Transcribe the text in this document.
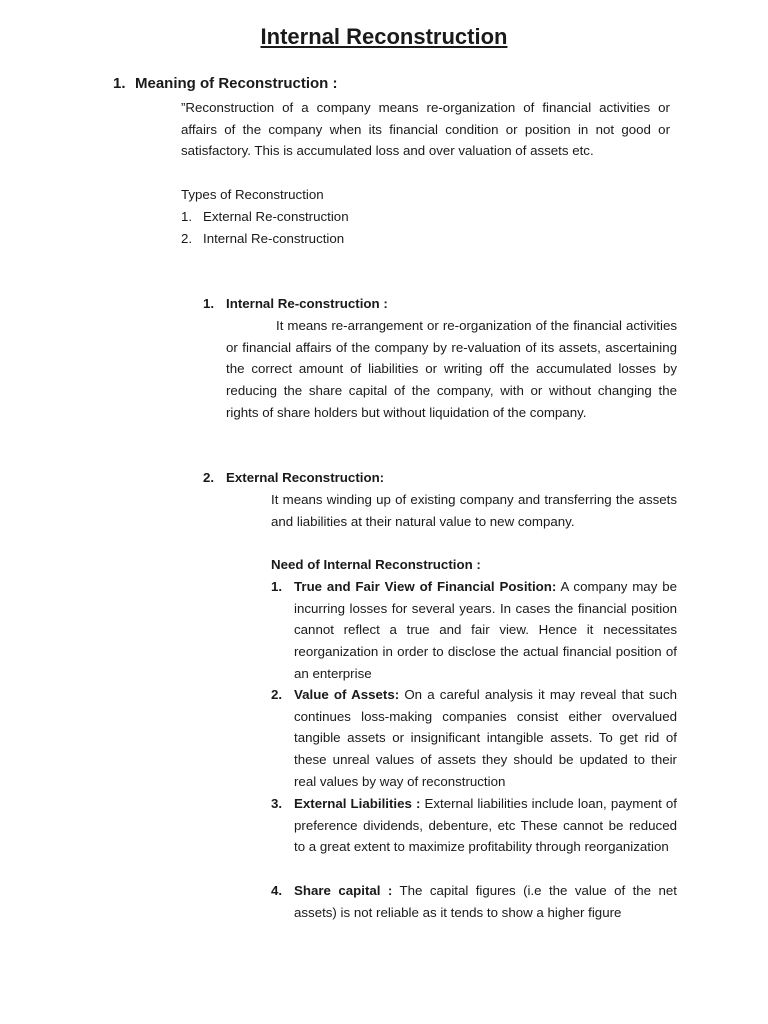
Internal Reconstruction
1. Meaning of Reconstruction :
”Reconstruction of a company means re-organization of financial activities or affairs of the company when its financial condition or position in not good or satisfactory. This is accumulated loss and over valuation of assets etc.
Types of Reconstruction
1. External Re-construction
2. Internal Re-construction
1. Internal Re-construction :
It means re-arrangement or re-organization of the financial activities or financial affairs of the company by re-valuation of its assets, ascertaining the correct amount of liabilities or writing off the accumulated losses by reducing the share capital of the company, with or without changing the rights of share holders but without liquidation of the company.
2. External Reconstruction:
It means winding up of existing company and transferring the assets and liabilities at their natural value to new company.
Need of Internal Reconstruction :
1. True and Fair View of Financial Position: A company may be incurring losses for several years. In cases the financial position cannot reflect a true and fair view. Hence it necessitates reorganization in order to disclose the actual financial position of an enterprise
2. Value of Assets: On a careful analysis it may reveal that such continues loss-making companies consist either overvalued tangible assets or insignificant intangible assets. To get rid of these unreal values of assets they should be updated to their real values by way of reconstruction
3. External Liabilities : External liabilities include loan, payment of preference dividends, debenture, etc These cannot be reduced to a great extent to maximize profitability through reorganization
4. Share capital : The capital figures (i.e the value of the net assets) is not reliable as it tends to show a higher figure
